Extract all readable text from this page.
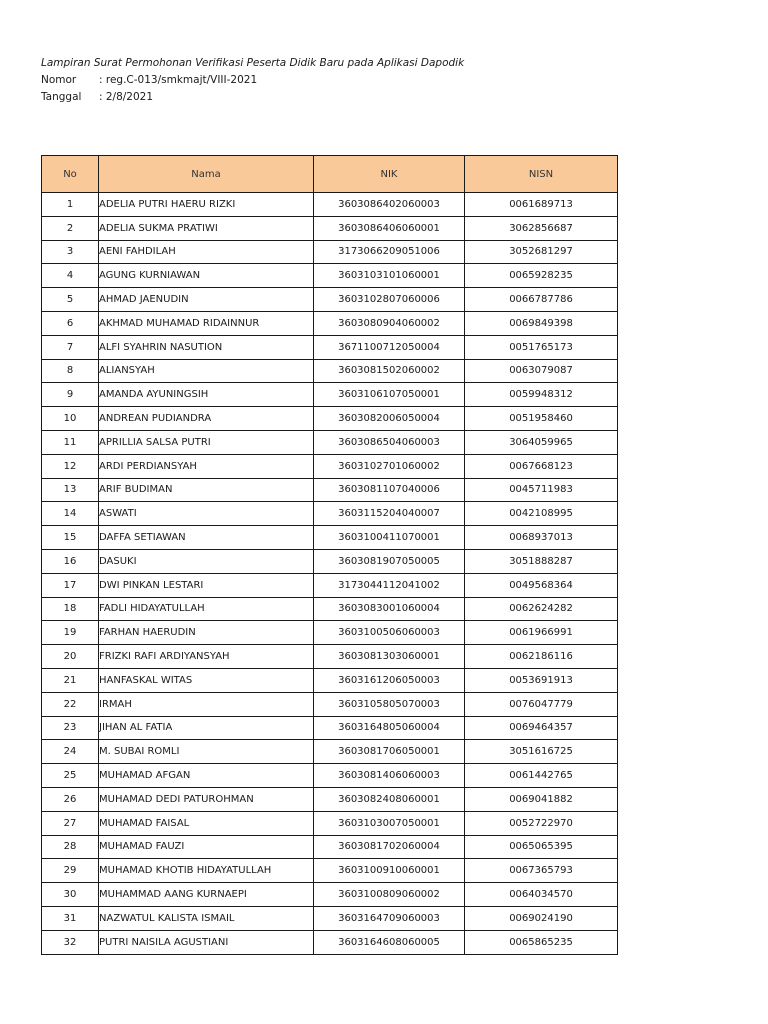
Lampiran Surat Permohonan Verifikasi Peserta Didik Baru pada Aplikasi Dapodik
Nomor	: reg.C-013/smkmajt/VIII-2021
Tanggal	: 2/8/2021
No	Nama	NIK	NISN
1	ADELIA PUTRI HAERU RIZKI	3603086402060003	0061689713
2	ADELIA SUKMA PRATIWI	3603086406060001	3062856687
3	AENI FAHDILAH	3173066209051006	3052681297
4	AGUNG KURNIAWAN	3603103101060001	0065928235
5	AHMAD JAENUDIN	3603102807060006	0066787786
6	AKHMAD MUHAMAD RIDAINNUR	3603080904060002	0069849398
7	ALFI SYAHRIN NASUTION	3671100712050004	0051765173
8	ALIANSYAH	3603081502060002	0063079087
9	AMANDA AYUNINGSIH	3603106107050001	0059948312
10	ANDREAN PUDIANDRA	3603082006050004	0051958460
11	APRILLIA SALSA PUTRI	3603086504060003	3064059965
12	ARDI PERDIANSYAH	3603102701060002	0067668123
13	ARIF BUDIMAN	3603081107040006	0045711983
14	ASWATI	3603115204040007	0042108995
15	DAFFA SETIAWAN	3603100411070001	0068937013
16	DASUKI	3603081907050005	3051888287
17	DWI PINKAN LESTARI	3173044112041002	0049568364
18	FADLI HIDAYATULLAH	3603083001060004	0062624282
19	FARHAN HAERUDIN	3603100506060003	0061966991
20	FRIZKI RAFI ARDIYANSYAH	3603081303060001	0062186116
21	HANFASKAL WITAS	3603161206050003	0053691913
22	IRMAH	3603105805070003	0076047779
23	JIHAN AL FATIA	3603164805060004	0069464357
24	M. SUBAI ROMLI	3603081706050001	3051616725
25	MUHAMAD AFGAN	3603081406060003	0061442765
26	MUHAMAD DEDI PATUROHMAN	3603082408060001	0069041882
27	MUHAMAD FAISAL	3603103007050001	0052722970
28	MUHAMAD FAUZI	3603081702060004	0065065395
29	MUHAMAD KHOTIB HIDAYATULLAH	3603100910060001	0067365793
30	MUHAMMAD AANG KURNAEPI	3603100809060002	0064034570
31	NAZWATUL KALISTA ISMAIL	3603164709060003	0069024190
32	PUTRI NAISILA AGUSTIANI	3603164608060005	0065865235
